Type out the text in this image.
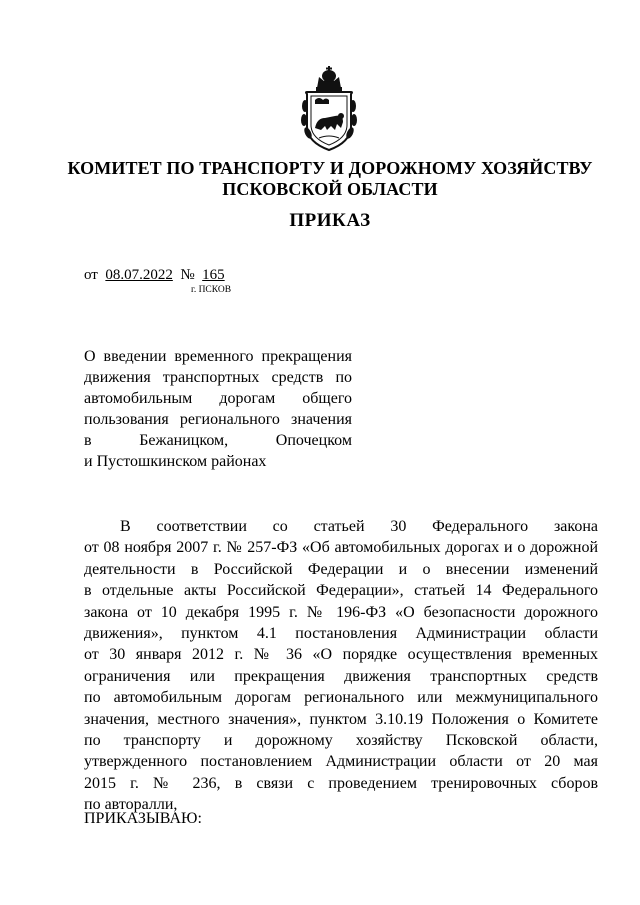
КОМИТЕТ ПО ТРАНСПОРТУ И ДОРОЖНОМУ ХОЗЯЙСТВУ
ПСКОВСКОЙ ОБЛАСТИ
ПРИКАЗ
от 08.07.2022 № 165
г. ПСКОВ
О введении временного прекращения
движения транспортных средств по
автомобильным дорогам общего
пользования регионального значения
в Бежаницком, Опочецком
и Пустошкинском районах
В соответствии со статьей 30 Федерального закона
от 08 ноября 2007 г. № 257-ФЗ «Об автомобильных дорогах и о дорожной
деятельности в Российской Федерации и о внесении изменений
в отдельные акты Российской Федерации», статьей 14 Федерального
закона от 10 декабря 1995 г. № 196-ФЗ «О безопасности дорожного
движения», пунктом 4.1 постановления Администрации области
от 30 января 2012 г. № 36 «О порядке осуществления временных
ограничения или прекращения движения транспортных средств
по автомобильным дорогам регионального или межмуниципального
значения, местного значения», пунктом 3.10.19 Положения о Комитете
по транспорту и дорожному хозяйству Псковской области,
утвержденного постановлением Администрации области от 20 мая
2015 г. № 236, в связи с проведением тренировочных сборов
по авторалли,
ПРИКАЗЫВАЮ:
